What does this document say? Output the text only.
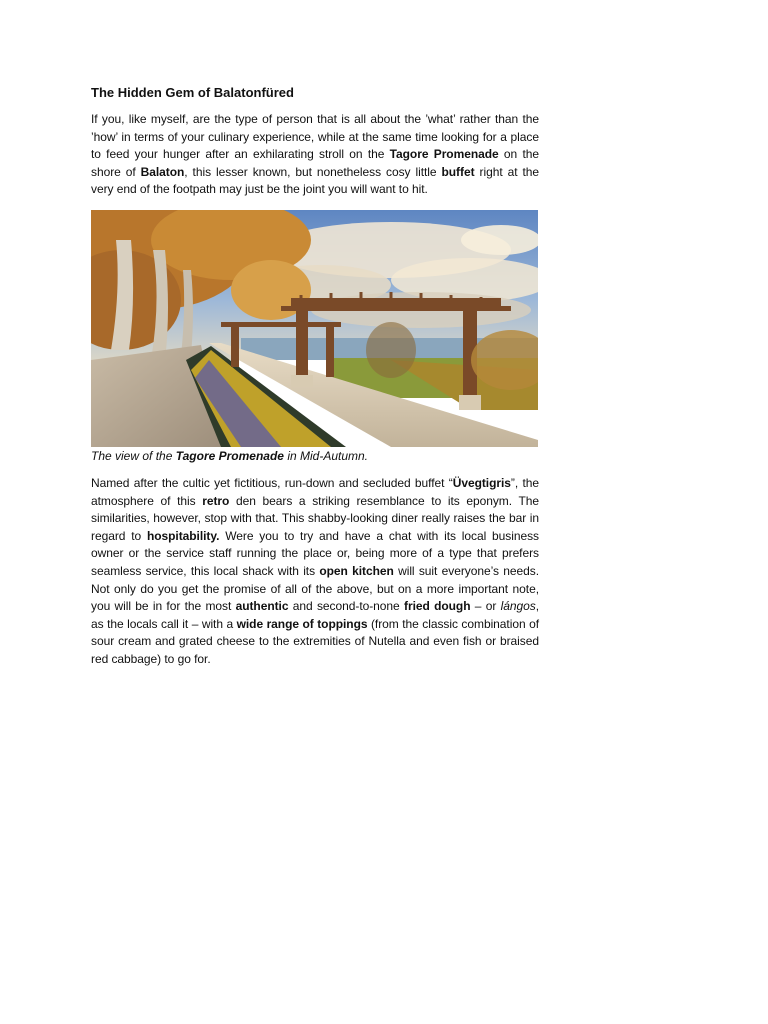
The Hidden Gem of Balatonfüred

If you, like myself, are the type of person that is all about the ’what’ rather than the ’how’ in terms of your culinary experience, while at the same time looking for a place to feed your hunger after an exhilarating stroll on the Tagore Promenade on the shore of Balaton, this lesser known, but nonetheless cosy little buffet right at the very end of the footpath may just be the joint you will want to hit.

The view of the Tagore Promenade in Mid-Autumn.

Named after the cultic yet fictitious, run-down and secluded buffet “Üvegtigris”, the atmosphere of this retro den bears a striking resemblance to its eponym. The similarities, however, stop with that. This shabby-looking diner really raises the bar in regard to hospitability. Were you to try and have a chat with its local business owner or the service staff running the place or, being more of a type that prefers seamless service, this local shack with its open kitchen will suit everyone’s needs. Not only do you get the promise of all of the above, but on a more important note, you will be in for the most authentic and second-to-none fried dough – or lángos, as the locals call it – with a wide range of toppings (from the classic combination of sour cream and grated cheese to the extremities of Nutella and even fish or braised red cabbage) to go for.
